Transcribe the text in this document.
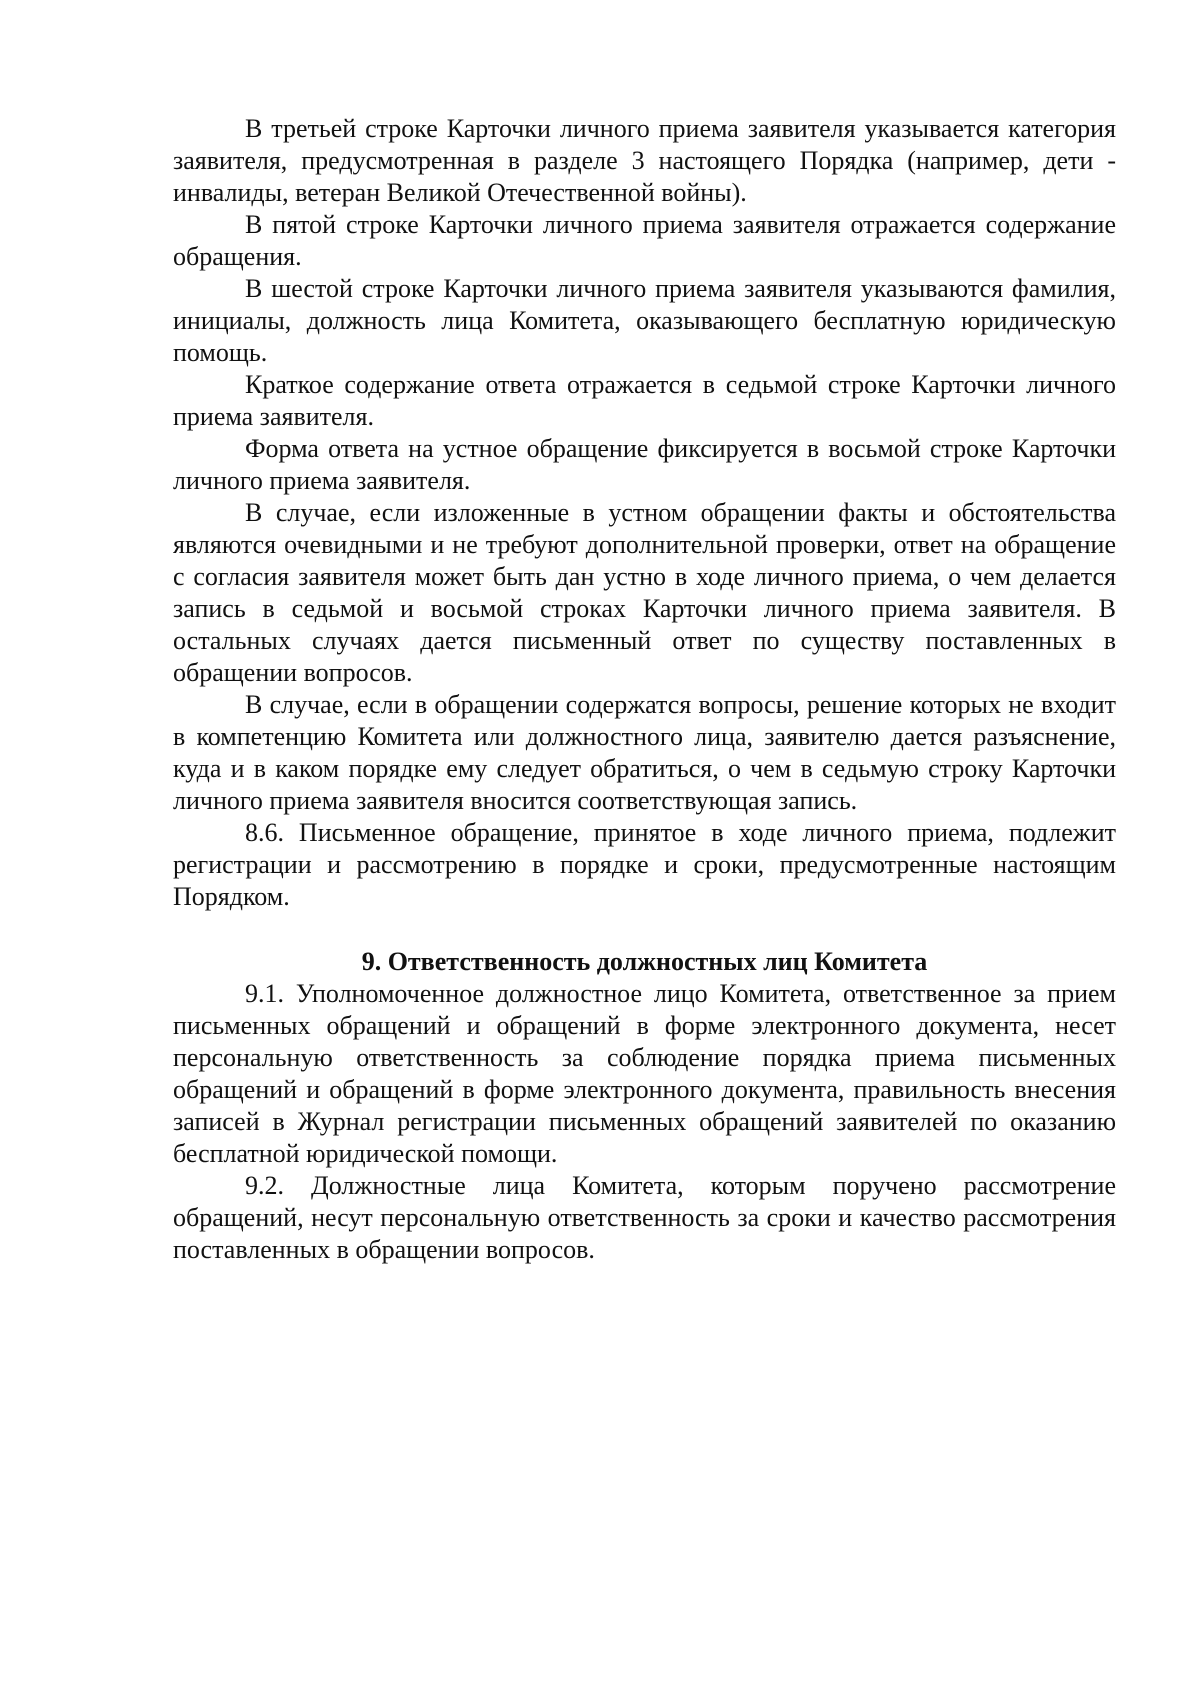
В третьей строке Карточки личного приема заявителя указывается категория заявителя, предусмотренная в разделе 3 настоящего Порядка (например, дети - инвалиды, ветеран Великой Отечественной войны).

В пятой строке Карточки личного приема заявителя отражается содержание обращения.

В шестой строке Карточки личного приема заявителя указываются фамилия, инициалы, должность лица Комитета, оказывающего бесплатную юридическую помощь.

Краткое содержание ответа отражается в седьмой строке Карточки личного приема заявителя.

Форма ответа на устное обращение фиксируется в восьмой строке Карточки личного приема заявителя.

В случае, если изложенные в устном обращении факты и обстоятельства являются очевидными и не требуют дополнительной проверки, ответ на обращение с согласия заявителя может быть дан устно в ходе личного приема, о чем делается запись в седьмой и восьмой строках Карточки личного приема заявителя. В остальных случаях дается письменный ответ по существу поставленных в обращении вопросов.

В случае, если в обращении содержатся вопросы, решение которых не входит в компетенцию Комитета или должностного лица, заявителю дается разъяснение, куда и в каком порядке ему следует обратиться, о чем в седьмую строку Карточки личного приема заявителя вносится соответствующая запись.

8.6. Письменное обращение, принятое в ходе личного приема, подлежит регистрации и рассмотрению в порядке и сроки, предусмотренные настоящим Порядком.

9. Ответственность должностных лиц Комитета

9.1. Уполномоченное должностное лицо Комитета, ответственное за прием письменных обращений и обращений в форме электронного документа, несет персональную ответственность за соблюдение порядка приема письменных обращений и обращений в форме электронного документа, правильность внесения записей в Журнал регистрации письменных обращений заявителей по оказанию бесплатной юридической помощи.

9.2. Должностные лица Комитета, которым поручено рассмотрение обращений, несут персональную ответственность за сроки и качество рассмотрения поставленных в обращении вопросов.
